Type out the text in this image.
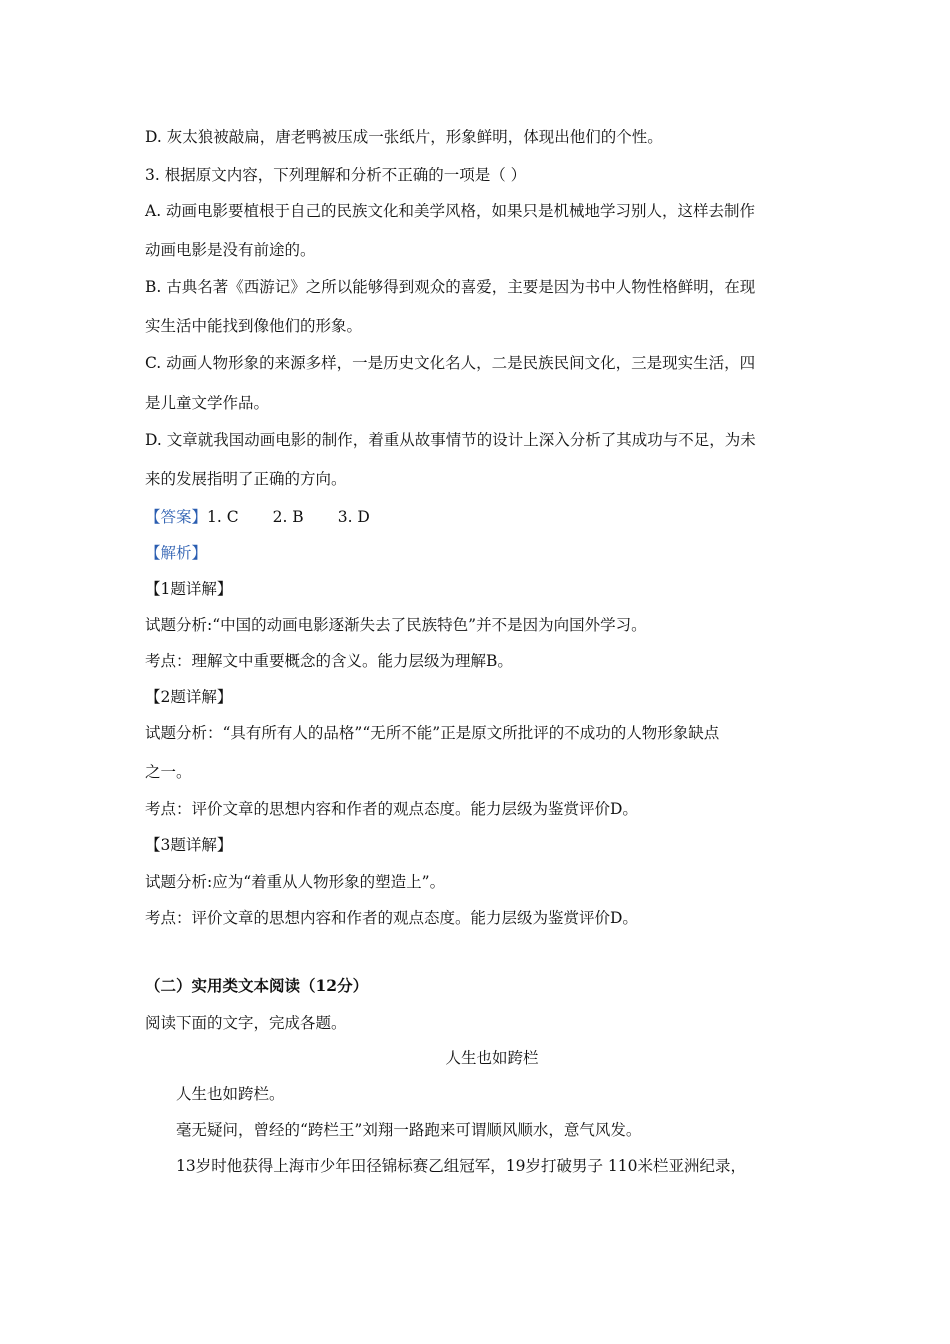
D. 灰太狼被敲扁，唐老鸭被压成一张纸片，形象鲜明，体现出他们的个性。
3. 根据原文内容，下列理解和分析不正确的一项是（ ）
A. 动画电影要植根于自己的民族文化和美学风格，如果只是机械地学习别人，这样去制作
动画电影是没有前途的。
B. 古典名著《西游记》之所以能够得到观众的喜爱，主要是因为书中人物性格鲜明，在现
实生活中能找到像他们的形象。
C. 动画人物形象的来源多样，一是历史文化名人，二是民族民间文化，三是现实生活，四
是儿童文学作品。
D. 文章就我国动画电影的制作，着重从故事情节的设计上深入分析了其成功与不足，为未
来的发展指明了正确的方向。
【答案】1. C 2. B 3. D
【解析】
【1题详解】
试题分析:“中国的动画电影逐渐失去了民族特色”并不是因为向国外学习。
考点：理解文中重要概念的含义。能力层级为理解B。
【2题详解】
试题分析：“具有所有人的品格”“无所不能”正是原文所批评的不成功的人物形象缺点
之一。
考点：评价文章的思想内容和作者的观点态度。能力层级为鉴赏评价D。
【3题详解】
试题分析:应为“着重从人物形象的塑造上”。
考点：评价文章的思想内容和作者的观点态度。能力层级为鉴赏评价D。
（二）实用类文本阅读（12分）
阅读下面的文字，完成各题。
人生也如跨栏
人生也如跨栏。
毫无疑问，曾经的“跨栏王”刘翔一路跑来可谓顺风顺水，意气风发。
13岁时他获得上海市少年田径锦标赛乙组冠军，19岁打破男子 110米栏亚洲纪录，
